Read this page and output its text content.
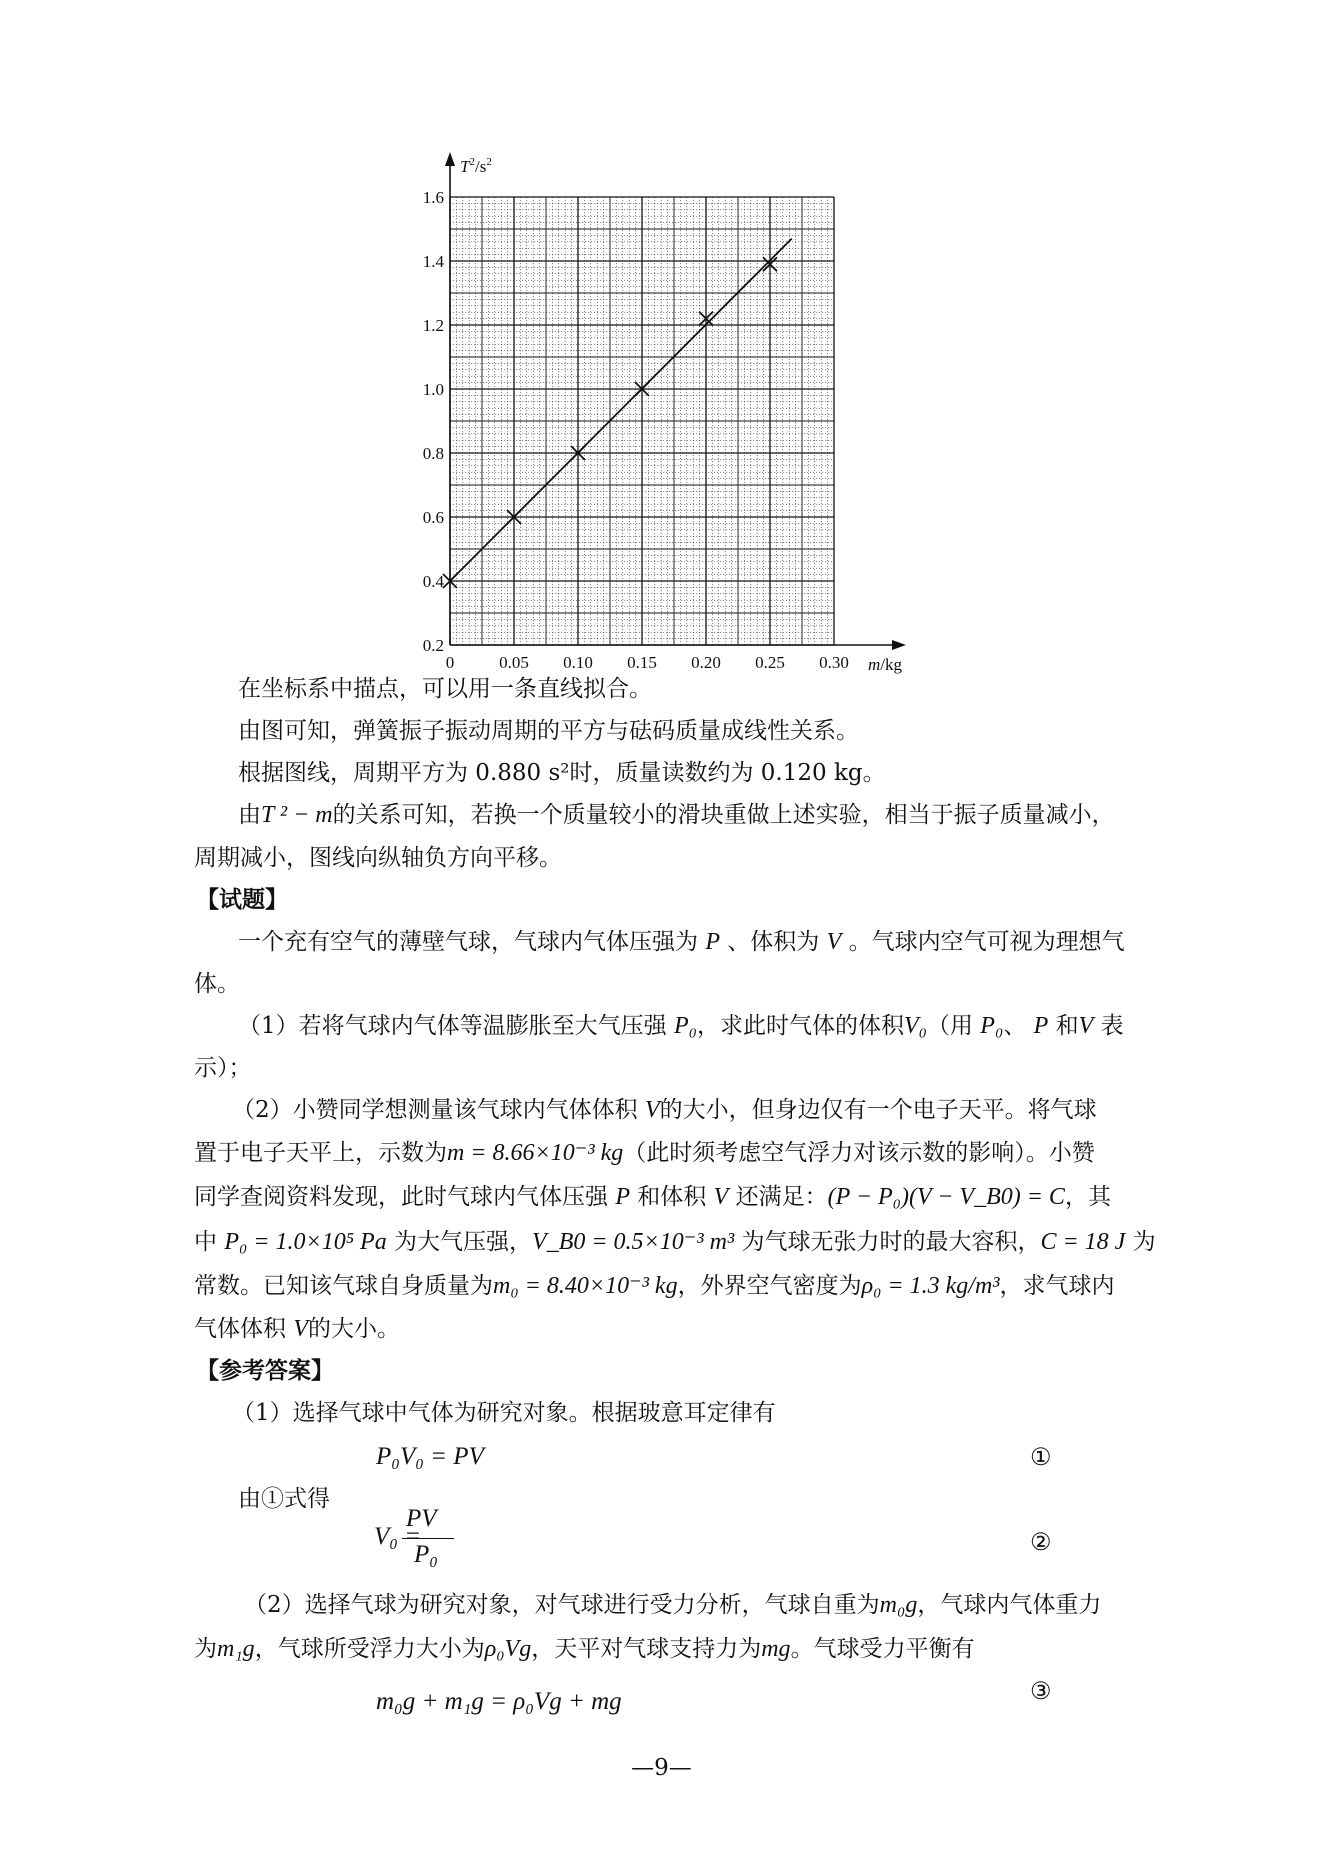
0.2
0.4
0.6
0.8
1.0
1.2
1.4
1.6
0	0.05 0.10 0.15 0.20 0.25 0.30
$T^2/s^2$
m/kg
在坐标系中描点，可以用一条直线拟合。
由图可知，弹簧振子振动周期的平方与砝码质量成线性关系。
根据图线，周期平方为 0.880 s²时，质量读数约为 0.120 kg。
由T ² − m的关系可知，若换一个质量较小的滑块重做上述实验，相当于振子质量减小，
周期减小，图线向纵轴负方向平移。
【试题】
一个充有空气的薄壁气球，气球内气体压强为 P 、体积为 V 。气球内空气可视为理想气
体。
（1）若将气球内气体等温膨胀至大气压强 P₀，求此时气体的体积V₀（用 P₀、 P 和V 表
示）；
（2）小赞同学想测量该气球内气体体积 V的大小，但身边仅有一个电子天平。将气球
置于电子天平上，示数为m = 8.66×10⁻³ kg（此时须考虑空气浮力对该示数的影响）。小赞
同学查阅资料发现，此时气球内气体压强 P 和体积 V 还满足：(P − P₀)(V − V_B0) = C，其
中 P₀ = 1.0×10⁵ Pa 为大气压强，V_B0 = 0.5×10⁻³ m³ 为气球无张力时的最大容积，C = 18 J 为
常数。已知该气球自身质量为m₀ = 8.40×10⁻³ kg，外界空气密度为ρ₀ = 1.3 kg/m³，求气球内
气体体积 V的大小。
【参考答案】
（1）选择气球中气体为研究对象。根据玻意耳定律有
P₀V₀ = PV	①
由①式得
V₀ =
PV
P₀	②
（2）选择气球为研究对象，对气球进行受力分析，气球自重为m₀g，气球内气体重力
为m₁g，气球所受浮力大小为ρ₀Vg，天平对气球支持力为mg。气球受力平衡有
m₀g + m₁g = ρ₀Vg + mg	③
—9—
